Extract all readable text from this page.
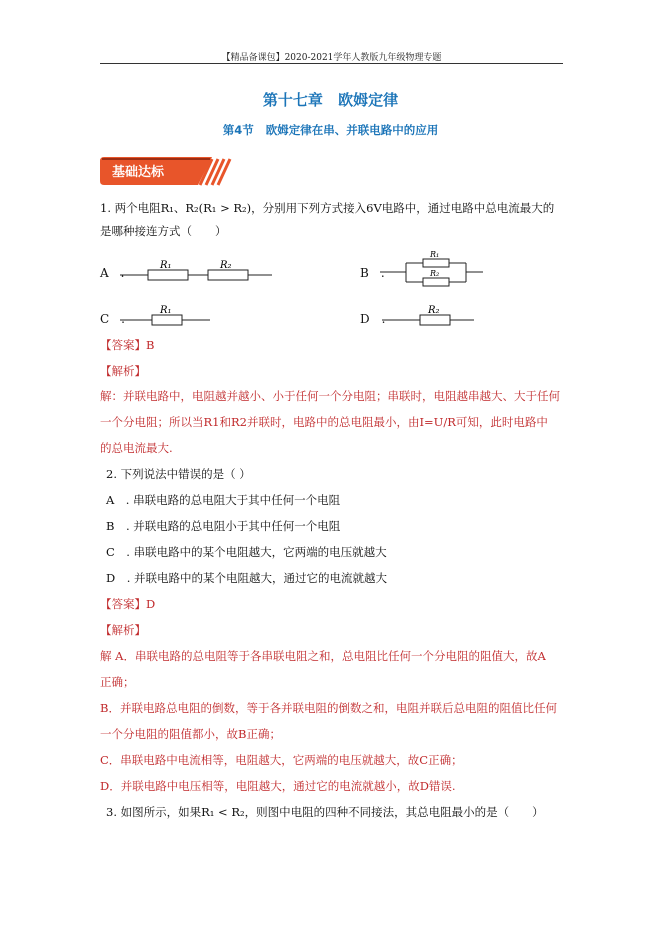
【精品备课包】2020-2021学年人教版九年级物理专题
第十七章 欧姆定律
第4节 欧姆定律在串、并联电路中的应用
基础达标
1. 两个电阻R₁、R₂(R₁ > R₂)，分别用下列方式接入6V电路中，通过电路中总电流最大的
是哪种接连方式（　　）
A　.
R₁	R₂
B　.
R₁
R₂
C　.
R₁
D　.
R₂
【答案】B
【解析】
解：并联电路中，电阻越并越小、小于任何一个分电阻；串联时，电阻越串越大、大于任何
一个分电阻；所以当R1和R2并联时，电路中的总电阻最小，由I=U/R可知，此时电路中
的总电流最大.
2. 下列说法中错误的是（ ）
A　. 串联电路的总电阻大于其中任何一个电阻
B　. 并联电路的总电阻小于其中任何一个电阻
C　. 串联电路中的某个电阻越大，它两端的电压就越大
D　. 并联电路中的某个电阻越大，通过它的电流就越大
【答案】D
【解析】
解 A．串联电路的总电阻等于各串联电阻之和，总电阻比任何一个分电阻的阻值大，故A
正确；
B．并联电路总电阻的倒数，等于各并联电阻的倒数之和，电阻并联后总电阻的阻值比任何
一个分电阻的阻值都小，故B正确；
C．串联电路中电流相等，电阻越大，它两端的电压就越大，故C正确；
D．并联电路中电压相等，电阻越大，通过它的电流就越小，故D错误.
3. 如图所示，如果R₁ < R₂，则图中电阻的四种不同接法，其总电阻最小的是（　　）
